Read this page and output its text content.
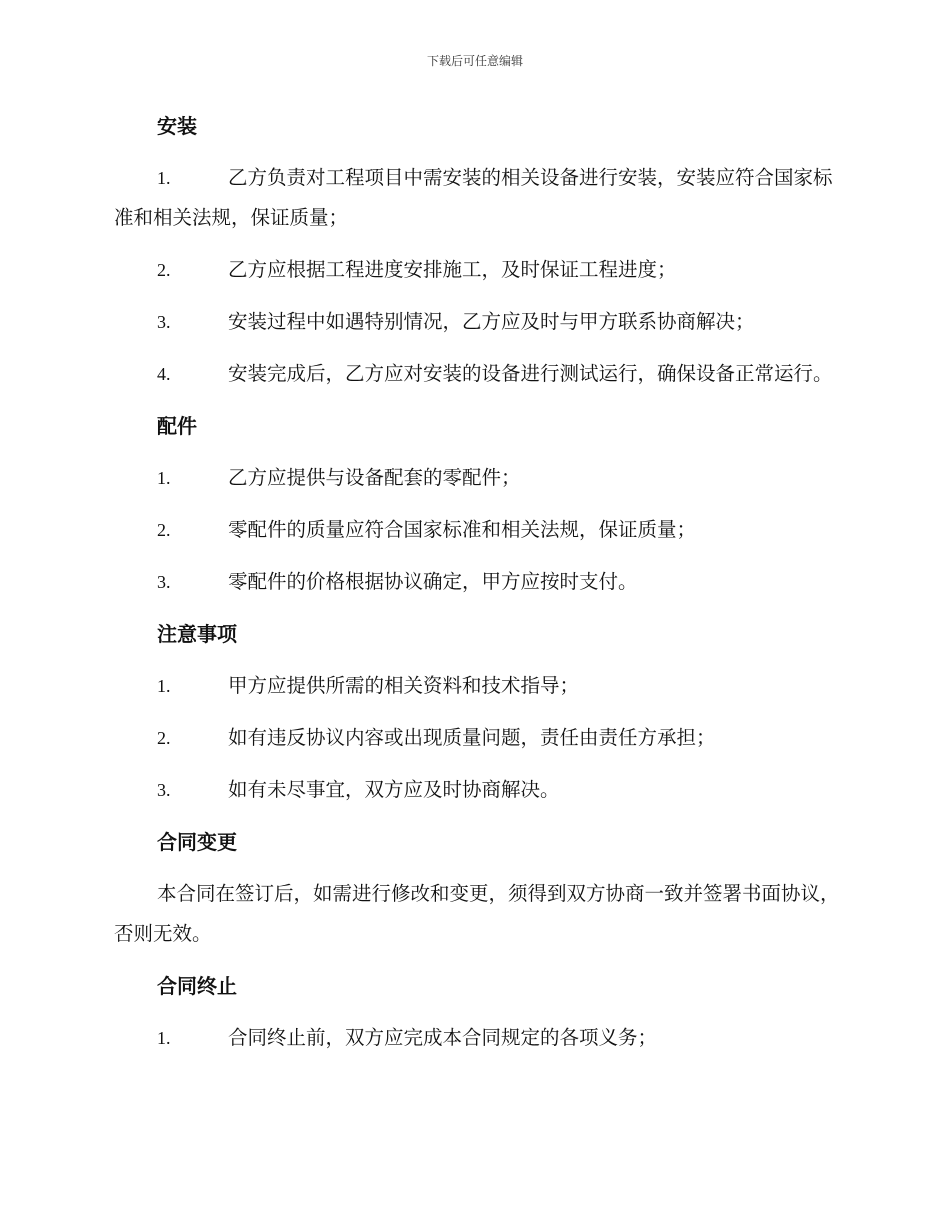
下载后可任意编辑
安装
1.	乙方负责对工程项目中需安装的相关设备进行安装，安装应符合国家标准和相关法规，保证质量；
2.	乙方应根据工程进度安排施工，及时保证工程进度；
3.	安装过程中如遇特别情况，乙方应及时与甲方联系协商解决；
4.	安装完成后，乙方应对安装的设备进行测试运行，确保设备正常运行。
配件
1.	乙方应提供与设备配套的零配件；
2.	零配件的质量应符合国家标准和相关法规，保证质量；
3.	零配件的价格根据协议确定，甲方应按时支付。
注意事项
1.	甲方应提供所需的相关资料和技术指导；
2.	如有违反协议内容或出现质量问题，责任由责任方承担；
3.	如有未尽事宜，双方应及时协商解决。
合同变更
本合同在签订后，如需进行修改和变更，须得到双方协商一致并签署书面协议，否则无效。
合同终止
1.	合同终止前，双方应完成本合同规定的各项义务；
